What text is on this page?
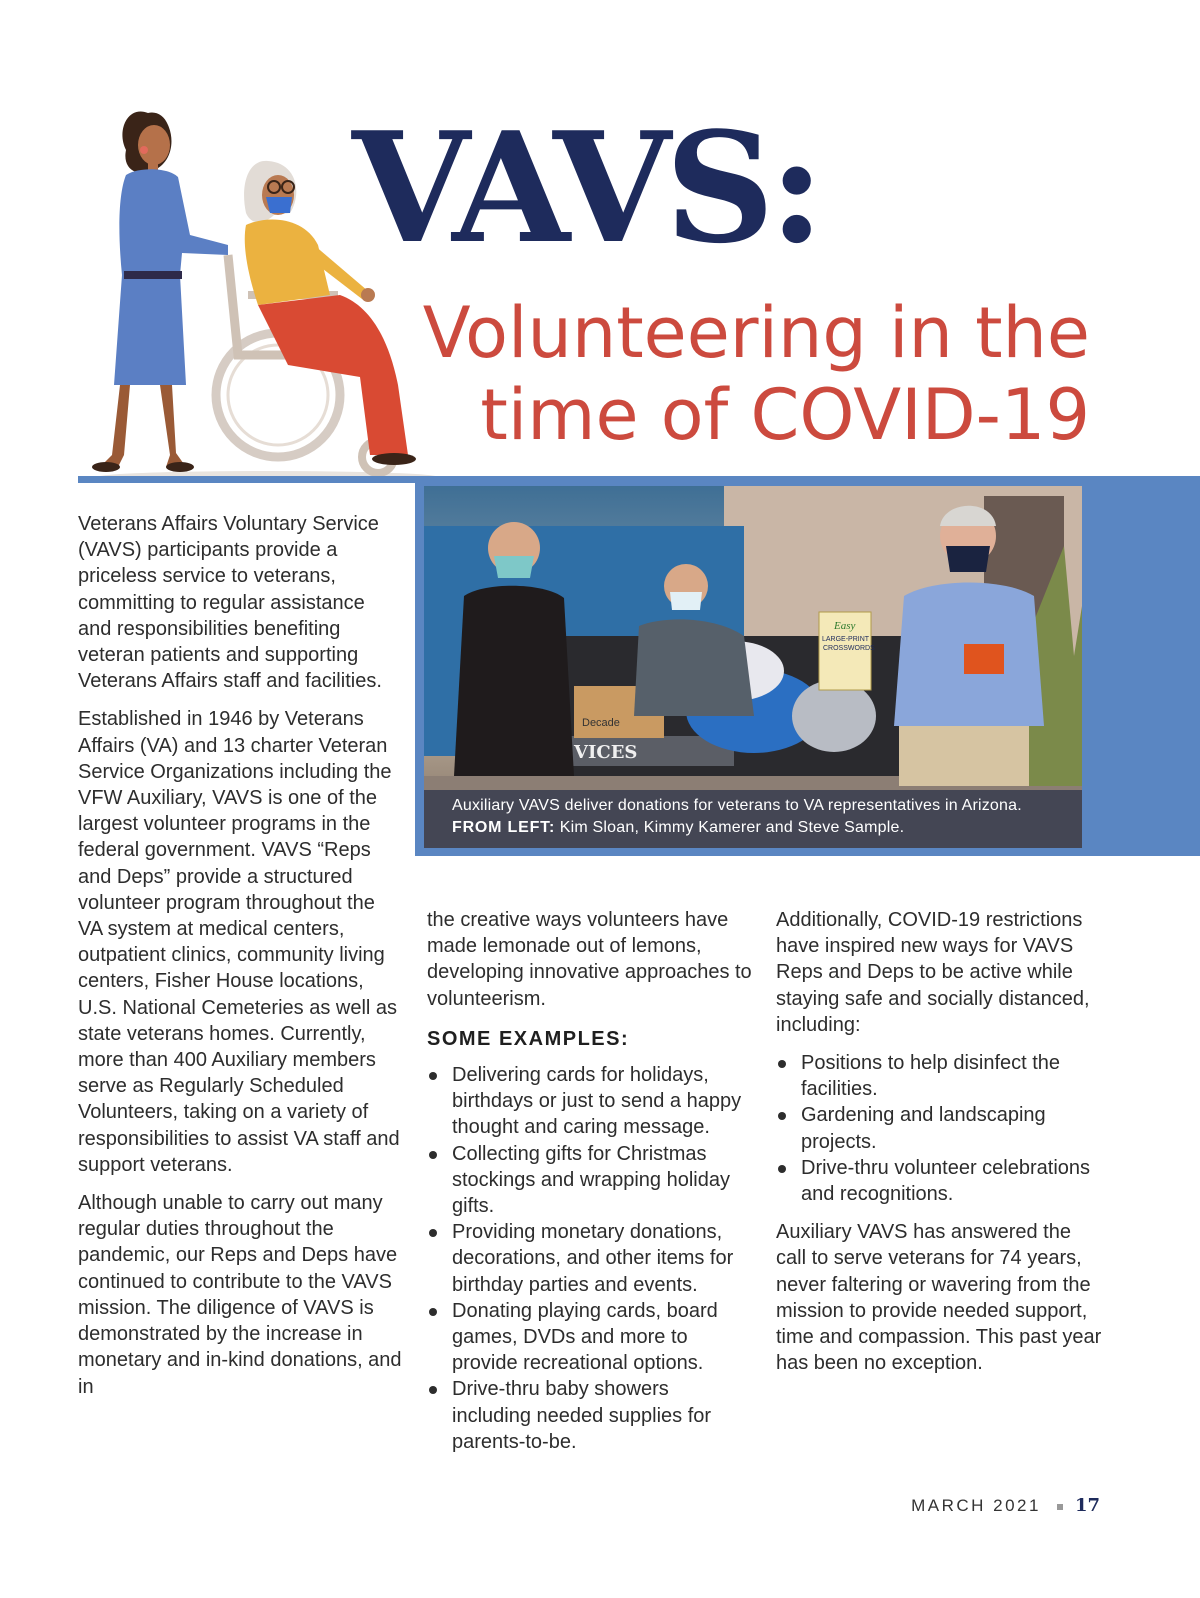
VAVS:
Volunteering in the
time of COVID-19
VICES
Decade
Easy
LARGE-PRINT
CROSSWORDS
Auxiliary VAVS deliver donations for veterans to VA representatives in Arizona.
FROM LEFT: Kim Sloan, Kimmy Kamerer and Steve Sample.

Veterans Affairs Voluntary Service (VAVS) participants provide a priceless service to veterans, committing to regular assistance and responsibilities benefiting veteran patients and supporting Veterans Affairs staff and facilities.

Established in 1946 by Veterans Affairs (VA) and 13 charter Veteran Service Organizations including the VFW Auxiliary, VAVS is one of the largest volunteer programs in the federal government. VAVS “Reps and Deps” provide a structured volunteer program throughout the VA system at medical centers, outpatient clinics, community living centers, Fisher House locations, U.S. National Cemeteries as well as state veterans homes. Currently, more than 400 Auxiliary members serve as Regularly Scheduled Volunteers, taking on a variety of responsibilities to assist VA staff and support veterans.

Although unable to carry out many regular duties throughout the pandemic, our Reps and Deps have continued to contribute to the VAVS mission. The diligence of VAVS is demonstrated by the increase in monetary and in-kind donations, and in

the creative ways volunteers have made lemonade out of lemons, developing innovative approaches to volunteerism.

SOME EXAMPLES:
Delivering cards for holidays, birthdays or just to send a happy thought and caring message.
Collecting gifts for Christmas stockings and wrapping holiday gifts.
Providing monetary donations, decorations, and other items for birthday parties and events.
Donating playing cards, board games, DVDs and more to provide recreational options.
Drive-thru baby showers including needed supplies for parents-to-be.

Additionally, COVID-19 restrictions have inspired new ways for VAVS Reps and Deps to be active while staying safe and socially distanced, including:

Positions to help disinfect the facilities.
Gardening and landscaping projects.
Drive-thru volunteer celebrations and recognitions.

Auxiliary VAVS has answered the call to serve veterans for 74 years, never faltering or wavering from the mission to provide needed support, time and compassion. This past year has been no exception.

MARCH 2021 17
